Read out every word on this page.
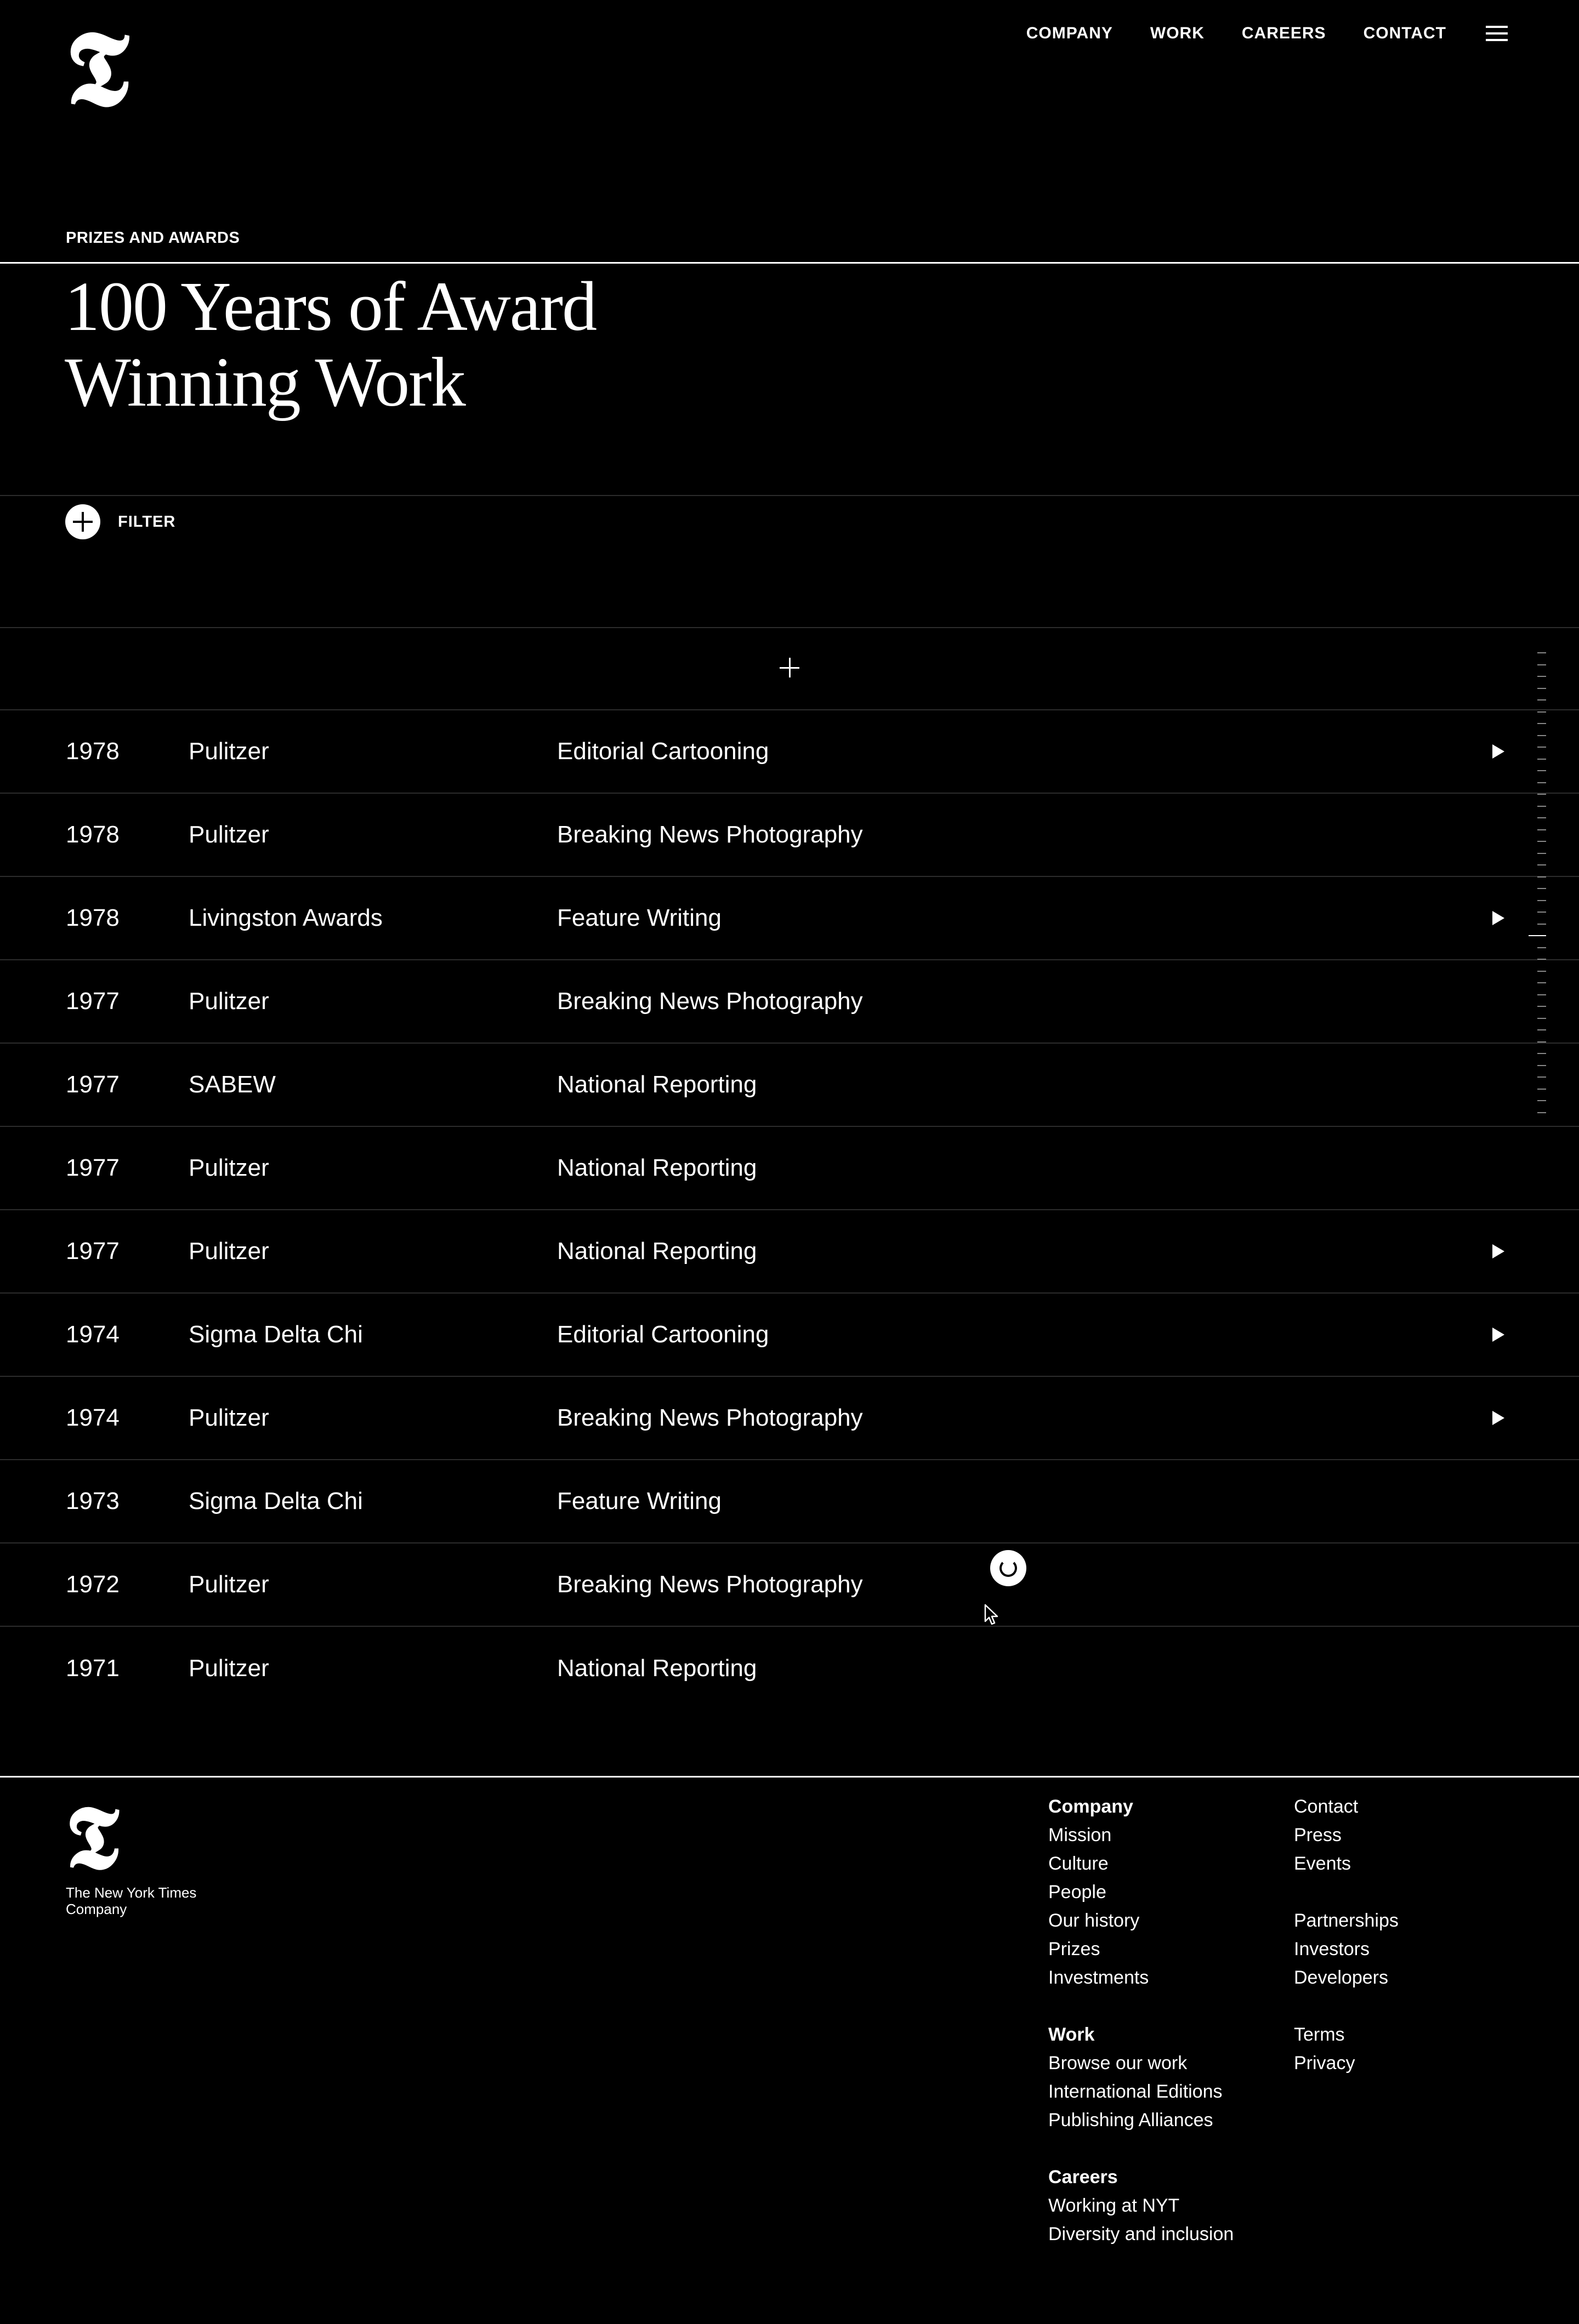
𝕿	COMPANY WORK CAREERS CONTACT
PRIZES AND AWARDS
100 Years of Award
Winning Work
FILTER
1978	Pulitzer	Editorial Cartooning
1978	Pulitzer	Breaking News Photography
1978	Livingston Awards	Feature Writing
1977	Pulitzer	Breaking News Photography
1977	SABEW	National Reporting
1977	Pulitzer	National Reporting
1977	Pulitzer	National Reporting
1974	Sigma Delta Chi	Editorial Cartooning
1974	Pulitzer	Breaking News Photography
1973	Sigma Delta Chi	Feature Writing
1972	Pulitzer	Breaking News Photography
1971	Pulitzer	National Reporting
𝕿
The New York Times Company
Company
Mission
Culture
People
Our history
Prizes
Investments
Work
Browse our work
International Editions
Publishing Alliances
Careers
Working at NYT
Diversity and inclusion
Contact
Press
Events
Partnerships
Investors
Developers
Terms
Privacy
